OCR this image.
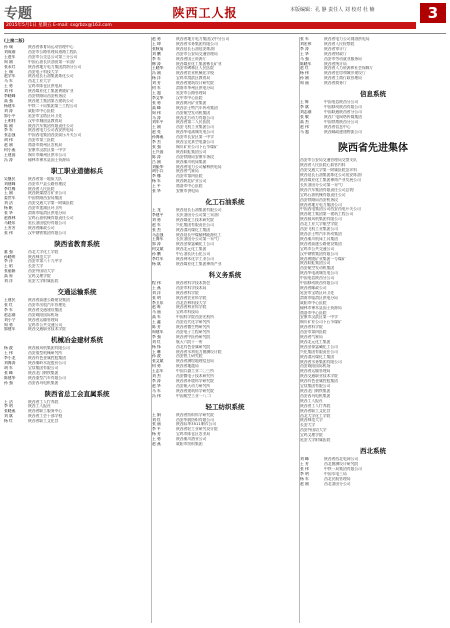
专题	陕西工人报	本版编辑：孔 静 责任人 刘 校对 杜 楠	3
2015年5月1日 星期五 E-mail: sxgrbzx@163.com
(上接二版)
孙 瑞	陕西省体育局运动管理中心
刘成刚	西安市公路管理局道路工程队
王进军	西安市公交总公司第三分公司
周 刚	中国石油长庆油田第一采油厂
张永红	陕西省地方电力集团渭南分公司
王 瑞	西安电子科技大学
赵学军	陕西延长石油集团炼化公司
马 军	西北工业大学
王 勇	宝鸡市陈仓区供电局
刘 伟	陕西煤业化工集团黄陵矿业
李晓峰	西安铁路局西安机务段
高 强	陕西建工集团第五建筑公司
杨建军	中铁二十局集团第三工程公司
刘 涛	咸阳市中心医院
郭小平	延安市宝塔区环卫处
王明利	汉中市城固县教育局
陈 刚	陕西汽车集团有限责任公司
李 军	陕西省电力公司西安供电局
张志强	中国西电集团西安高压开关公司
胡 伟	西安市第三医院
赵 刚	商洛市商州区农机局
何小燕	安康市汉滨区第一中学
王建国	铜川市耀州区供水公司
冯 涛	榆林市神木县国土资源局
职工职业道德标兵
吴继民	陕西省第一地质大队
刘建峰	西安市户县公路管理段
李红梅	陕西省人民医院
王 刚	陕西陕煤澄合矿业公司
姜世军	中国铁路西安局集团
刘 洁	西安交通大学第一附属医院
杨 帆	西安市莲湖区环卫所
张 华	渭南市临渭区供电分局
赵春林	宝鸡石油机械有限责任公司
马晓东	延长油田股份有限公司
王芳芳	陕西省邮政公司
张 伟	汉中钢铁集团有限公司
陕西省教育系统
董 强	西北大学化工学院
孙晓明	陕西师范大学
李 萍	西安市第八十九中学
王 昭	长安大学
张丽娟	西安外国语大学
高 原	宝鸡文理学院
刘 洋	延安大学附属医院
交通运输系统
王建民	陕西省高速公路建设集团
张 红	西安市出租汽车管理处
李 军	陕西省交通建设集团
赵志刚	西安咸阳国际机场
刘小宁	陕西省运输管理局
周 勇	宝鸡市公共交通公司
郭建军	陕西交通职业技术学院
机械冶金建材系统
杨 波	陕西鼓风机集团有限公司
王 伟	西安重型机械研究所
李小龙	陕西有色金属控股集团
刘海涛	陕西秦岭水泥股份公司
胡 军	宝钛集团有限公司
张 峰	陕西龙门钢铁集团
陈建华	陕西重型汽车有限公司
孙 强	西安西玛电机集团
陕西省总工会直属系统
王 洁	陕西省工人疗养院
李 明	陕西工人报社
张晓燕	陕西省职工服务中心
刘 斌	陕西省工会干部学校
杨 红	陕西省职工文化宫
赵 勇	陕西省地方电力集团汉中分公司
王 坤	陕西省水务集团有限公司
张秋菊	陕西延长石油延安炼油厂
刘 鹏	西安市公安局交通管理局
李 军	陕西省国土资源厅
韩 涛	陕西煤业化工集团彬长矿业
王晓华	西安市碑林区人民医院
冯 刚	陕西省农业机械化学校
杨 洋	宝鸡市渭滨区教育局
刘 芳	陕西省建筑设计研究院
何 军	渭南市华州区供电分局
王 超	延安市公路管理局
李文华	汉中市中心医院
张 勇	陕西黄河矿业集团
高 峰	陕西法士特汽车传动集团
周 伟	西安航空发动机集团
马 涛	陕西北方动力有限公司
刘军平	陕西省第二人民医院
王 刚	西安飞机工业集团公司
赵 亮	陕西华电蒲城发电公司
孙海燕	西安市长安区第一中学
李 杰	陕西宝光真空电器公司
张 强	铜川矿业公司下石节煤矿
王兴国	陕西彩虹集团公司
陈 涛	西安铁路局安康车务段
吕 刚	陕西秦川机床集团
刘振华	陕西省电力公司榆林供电局
胡小兵	陕西省气象局
李 娜	西安市第四医院
杨 军	陕西陕北矿业公司
王 平	商洛市中心医院
张 华	安康市供电局
化工石油系统
王 龙	陕西延长石油集团有限公司
李建平	长庆油田分公司第三采油厂
刘 勇	陕西煤化工技术研究院
赵 军	兴化集团有限责任公司
张 杰	陕西渭河煤化工集团
马志强	陕西延长中煤榆林能源化工
王海军	长庆油田分公司第一采气厂
郭 涛	陕西金泰氯碱化工公司
何文斌	陕西北元化工集团
孙 鹏	中石油长庆石化公司
李红军	陕西神木化学工业公司
杨 斌	陕西煤业化工集团神南产业
科义务系统
程 伟	陕西省科学技术协会
王 燕	西安市科学技术局
刘 洋	陕西省科学院
张 明	陕西省农业科学院
李卫东	西北农林科技大学
赵 晖	陕西省林业科学院
马 丽	宝鸡市科技局
高 军	中国科学院西安光机所
王 鑫	西安近代化学研究所
陈 芳	陕西省微生物研究所
周建军	西安电子工程研究所
李 强	陕西省中医药研究院
刘 红	航天六院十一所
杨 锋	西北有色金属研究院
王 琳	陕西省水利电力勘测设计院
孙 波	西安热工研究院
张文斌	陕西省测绘地理信息局
何 勇	陕西省地震局
王志军	中国兵器工业二〇三所
刘 杰	西安微电子技术研究所
李 涛	陕西省环境科学研究院
赵 华	西安航天动力研究所
马 军	陕西省建筑科学研究院
冯 伟	中国航空工业一八二厂
轻工纺织系统
王 娟	陕西省纺织科学研究院
刘 红	西安华润纺织有限公司
张 丽	陕西际华3511制衣公司
李 平	陕西省轻工业研究设计院
杨 芳	宝鸡市陈仓区农业局
王 勇	陕西秦川酒业公司
赵 燕	咸阳市纺织集团
张 军	陕西省电力公司商洛供电局
刘宏伟	陕西省人民检察院
李 涛	陕西省审计厅
王 华	陕西省财政厅
马 强	西安市劳动就业服务局
陈晓军	陕西省统计局
赵 红	陕西省人力资源和社会保障厅
杨 伟	陕西省住房和城乡建设厅
孙 刚	陕西省工商行政管理局
周 丽	陕西省商务厅
信息系统
王 辉	中国电信陕西分公司
李 斌	中国移动陕西有限公司
刘志刚	中国联通陕西省分公司
张 敏	陕西广电网络传媒集团
高 杰	中国铁塔陕西分公司
赵 伟	陕西省信息中心
马 超	陕西邮政速递物流公司
陕西省先进集体
西安市公安局交通管理局交警支队
陕西省人民医院心血管内科
西安交通大学第一附属医院急诊科
陕西延长石油集团炼化公司延安炼油厂
陕西煤业化工集团神南产业发展公司
长庆油田分公司第一采气厂
陕西汽车集团有限责任公司总装厂
宝鸡石油机械有限责任公司
西安铁路局西安机务段
陕西省地方电力集团公司
中国西电集团公司西安西电开关公司
陕西建工集团第一建筑工程公司
陕西鼓风机集团有限公司
西北工业大学航空学院
西安飞机工业集团公司
陕西法士特汽车传动集团
陕西秦川机床工具集团
陕西省高速公路建设集团
宝鸡市公共交通公司
汉中钢铁集团有限公司
陕西黄陵矿业集团一号煤矿
陕西彩虹集团公司
西安航空发动机集团
陕西华电蒲城发电公司
中国电信陕西分公司
中国移动陕西有限公司
陕西省邮政公司
延安市宝塔区环卫处
渭南市临渭区供电分局
咸阳市中心医院
榆林市神木县国土资源局
商洛市中心医院
安康市汉滨区第一中学
铜川矿业公司下石节煤矿
陕西省科学院
西安市第四医院
陕西省气象局
陕西北元化工集团
陕西金泰氯碱化工公司
兴化集团有限责任公司
陕西渭河煤化工集团
陕西省水务集团有限公司
西安咸阳国际机场
陕西省运输管理局
陕西交通职业技术学院
陕西有色金属控股集团
宝钛集团有限公司
陕西龙门钢铁集团
西安西玛电机集团
陕西工人报社
陕西省工人疗养院
陕西省职工文化宫
西北大学化工学院
陕西师范大学
长安大学
西安外国语大学
宝鸡文理学院
延安大学附属医院
西北系统
刘 峰	陕西省西北电网公司
王 芳	西北勘测设计研究院
张 伟	中铁一局集团有限公司
李 明	中国水电三局
杨 军	西北民航管理局
赵 刚	西北油田分公司
